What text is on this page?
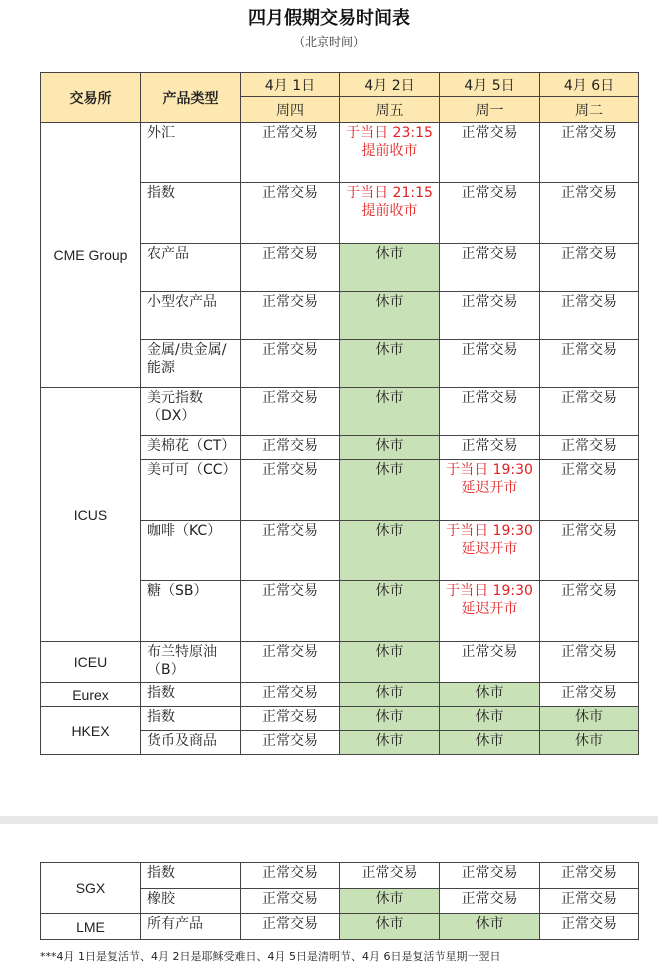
四月假期交易时间表
（北京时间）
交易所	产品类型	4月 1日	4月 2日	4月 5日	4月 6日
		周四	周五	周一	周二
CME Group	外汇	正常交易	于当日 23:15 提前收市	正常交易	正常交易
	指数	正常交易	于当日 21:15 提前收市	正常交易	正常交易
	农产品	正常交易	休市	正常交易	正常交易
	小型农产品	正常交易	休市	正常交易	正常交易
	金属/贵金属/能源	正常交易	休市	正常交易	正常交易
ICUS	美元指数（DX）	正常交易	休市	正常交易	正常交易
	美棉花（CT）	正常交易	休市	正常交易	正常交易
	美可可（CC）	正常交易	休市	于当日 19:30 延迟开市	正常交易
	咖啡（KC）	正常交易	休市	于当日 19:30 延迟开市	正常交易
	糖（SB）	正常交易	休市	于当日 19:30 延迟开市	正常交易
ICEU	布兰特原油（B）	正常交易	休市	正常交易	正常交易
Eurex	指数	正常交易	休市	休市	正常交易
HKEX	指数	正常交易	休市	休市	休市
	货币及商品	正常交易	休市	休市	休市
SGX	指数	正常交易	正常交易	正常交易	正常交易
	橡胶	正常交易	休市	正常交易	正常交易
LME	所有产品	正常交易	休市	休市	正常交易
***4月 1日是复活节、4月 2日是耶稣受难日、4月 5日是清明节、4月 6日是复活节星期一翌日
